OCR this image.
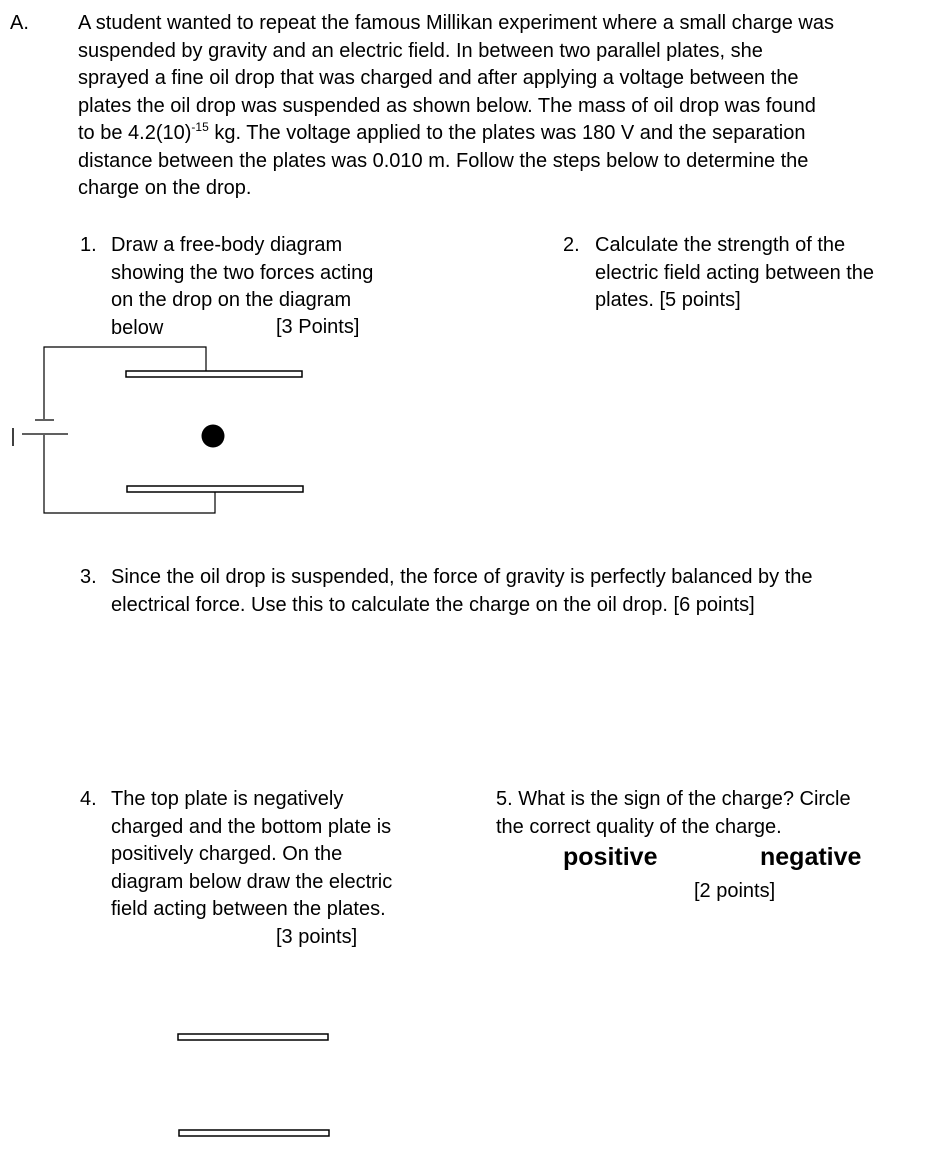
A. A student wanted to repeat the famous Millikan experiment where a small charge was
suspended by gravity and an electric field. In between two parallel plates, she
sprayed a fine oil drop that was charged and after applying a voltage between the
plates the oil drop was suspended as shown below. The mass of oil drop was found
to be $4.2(10)^{-15}$ kg. The voltage applied to the plates was 180 V and the separation
distance between the plates was 0.010 m. Follow the steps below to determine the
charge on the drop.
1. Draw a free-body diagram
showing the two forces acting
on the drop on the diagram
below	[3 Points]
2. Calculate the strength of the
electric field acting between the
plates. [5 points]
3. Since the oil drop is suspended, the force of gravity is perfectly balanced by the
electrical force. Use this to calculate the charge on the oil drop. [6 points]
4. The top plate is negatively
charged and the bottom plate is
positively charged. On the
diagram below draw the electric
field acting between the plates.
[3 points]
5. What is the sign of the charge? Circle
the correct quality of the charge.
positive	negative
[2 points]
